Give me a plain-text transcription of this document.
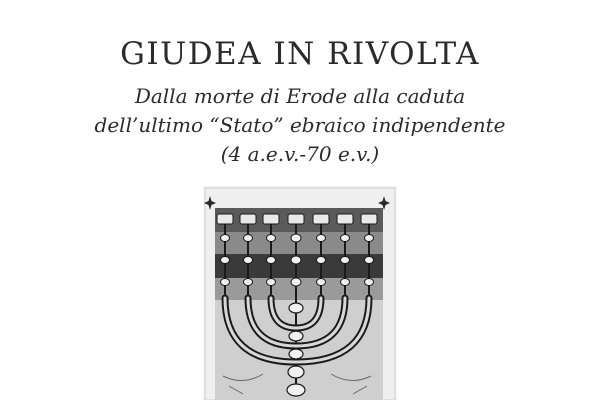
GIUDEA IN RIVOLTA

Dalla morte di Erode alla caduta

dell’ultimo “Stato” ebraico indipendente

(4 a.e.v.-70 e.v.)
